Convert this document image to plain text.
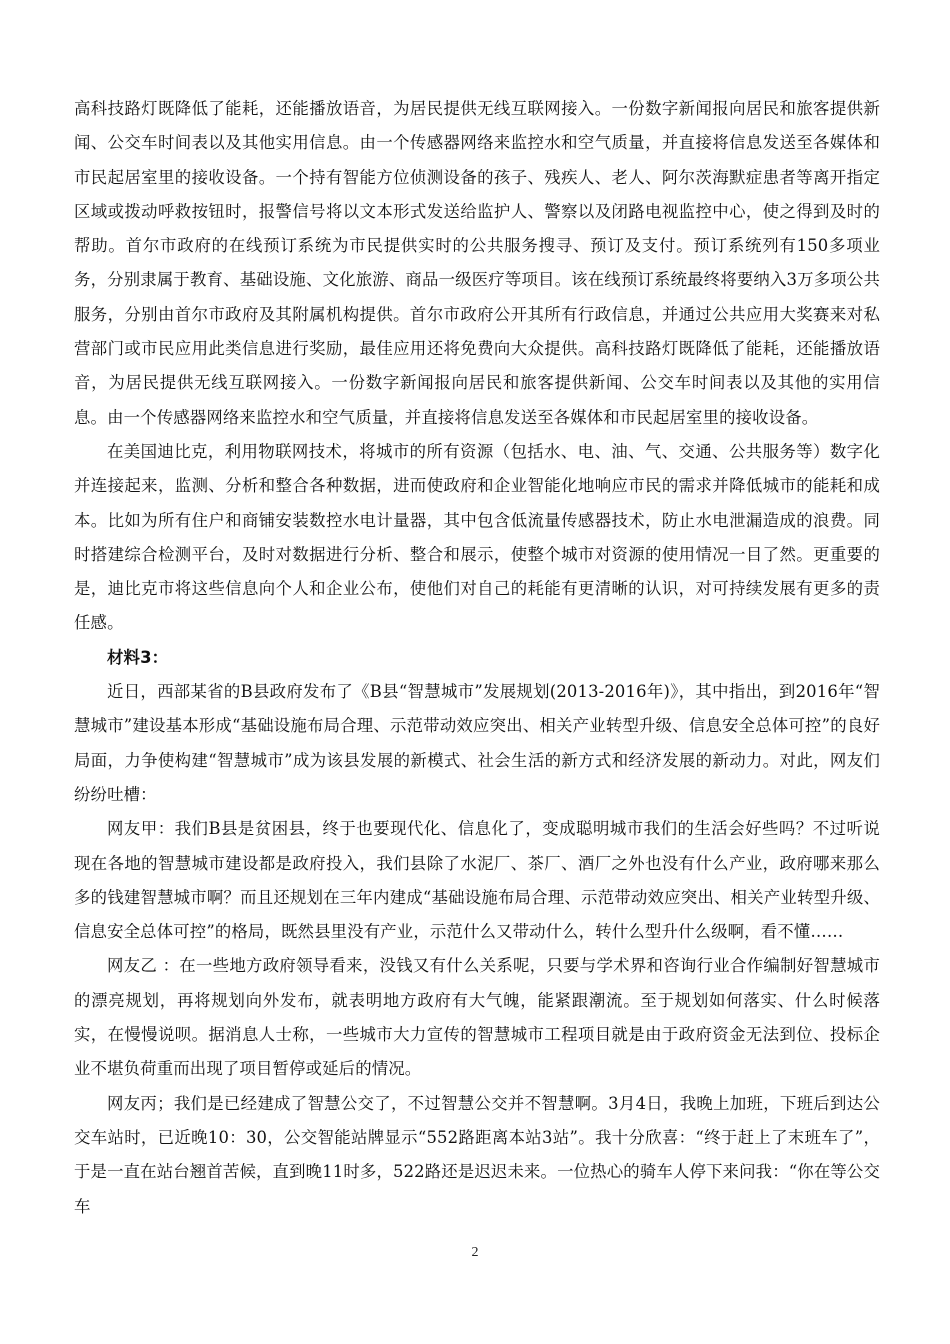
高科技路灯既降低了能耗，还能播放语音，为居民提供无线互联网接入。一份数字新闻报向居民和旅客提供新闻、公交车时间表以及其他实用信息。由一个传感器网络来监控水和空气质量，并直接将信息发送至各媒体和市民起居室里的接收设备。一个持有智能方位侦测设备的孩子、残疾人、老人、阿尔茨海默症患者等离开指定区域或拨动呼救按钮时，报警信号将以文本形式发送给监护人、警察以及闭路电视监控中心，使之得到及时的帮助。首尔市政府的在线预订系统为市民提供实时的公共服务搜寻、预订及支付。预订系统列有150多项业务，分别隶属于教育、基础设施、文化旅游、商品一级医疗等项目。该在线预订系统最终将要纳入3万多项公共服务，分别由首尔市政府及其附属机构提供。首尔市政府公开其所有行政信息，并通过公共应用大奖赛来对私营部门或市民应用此类信息进行奖励，最佳应用还将免费向大众提供。高科技路灯既降低了能耗，还能播放语音，为居民提供无线互联网接入。一份数字新闻报向居民和旅客提供新闻、公交车时间表以及其他的实用信息。由一个传感器网络来监控水和空气质量，并直接将信息发送至各媒体和市民起居室里的接收设备。

在美国迪比克，利用物联网技术，将城市的所有资源（包括水、电、油、气、交通、公共服务等）数字化并连接起来，监测、分析和整合各种数据，进而使政府和企业智能化地响应市民的需求并降低城市的能耗和成本。比如为所有住户和商铺安装数控水电计量器，其中包含低流量传感器技术，防止水电泄漏造成的浪费。同时搭建综合检测平台，及时对数据进行分析、整合和展示，使整个城市对资源的使用情况一目了然。更重要的是，迪比克市将这些信息向个人和企业公布，使他们对自己的耗能有更清晰的认识，对可持续发展有更多的责任感。

材料3：

近日，西部某省的B县政府发布了《B县“智慧城市”发展规划(2013-2016年)》，其中指出，到2016年“智慧城市”建设基本形成“基础设施布局合理、示范带动效应突出、相关产业转型升级、信息安全总体可控”的良好局面，力争使构建“智慧城市”成为该县发展的新模式、社会生活的新方式和经济发展的新动力。对此，网友们纷纷吐槽：

网友甲：我们B县是贫困县，终于也要现代化、信息化了，变成聪明城市我们的生活会好些吗？不过听说现在各地的智慧城市建设都是政府投入，我们县除了水泥厂、茶厂、酒厂之外也没有什么产业，政府哪来那么多的钱建智慧城市啊？而且还规划在三年内建成“基础设施布局合理、示范带动效应突出、相关产业转型升级、信息安全总体可控”的格局，既然县里没有产业，示范什么又带动什么，转什么型升什么级啊，看不懂……

网友乙 ：在一些地方政府领导看来，没钱又有什么关系呢，只要与学术界和咨询行业合作编制好智慧城市的漂亮规划，再将规划向外发布，就表明地方政府有大气魄，能紧跟潮流。至于规划如何落实、什么时候落实，在慢慢说呗。据消息人士称，一些城市大力宣传的智慧城市工程项目就是由于政府资金无法到位、投标企业不堪负荷重而出现了项目暂停或延后的情况。

网友丙；我们是已经建成了智慧公交了，不过智慧公交并不智慧啊。3月4日，我晚上加班，下班后到达公交车站时，已近晚10：30，公交智能站牌显示“552路距离本站3站”。我十分欣喜：“终于赶上了末班车了”，于是一直在站台翘首苦候，直到晚11时多，522路还是迟迟未来。一位热心的骑车人停下来问我：“你在等公交车

2
